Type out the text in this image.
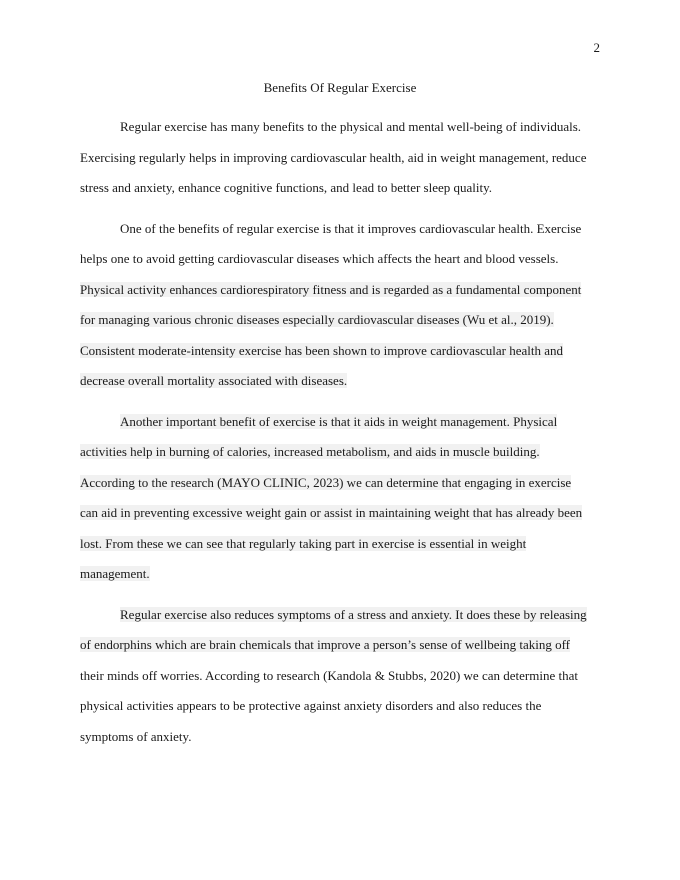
2
Benefits Of Regular Exercise

Regular exercise has many benefits to the physical and mental well-being of individuals.
Exercising regularly helps in improving cardiovascular health, aid in weight management, reduce
stress and anxiety, enhance cognitive functions, and lead to better sleep quality.

One of the benefits of regular exercise is that it improves cardiovascular health. Exercise
helps one to avoid getting cardiovascular diseases which affects the heart and blood vessels.
Physical activity enhances cardiorespiratory fitness and is regarded as a fundamental component
for managing various chronic diseases especially cardiovascular diseases (Wu et al., 2019).
Consistent moderate-intensity exercise has been shown to improve cardiovascular health and
decrease overall mortality associated with diseases.

Another important benefit of exercise is that it aids in weight management. Physical
activities help in burning of calories, increased metabolism, and aids in muscle building.
According to the research (MAYO CLINIC, 2023) we can determine that engaging in exercise
can aid in preventing excessive weight gain or assist in maintaining weight that has already been
lost. From these we can see that regularly taking part in exercise is essential in weight
management.

Regular exercise also reduces symptoms of a stress and anxiety. It does these by releasing
of endorphins which are brain chemicals that improve a person’s sense of wellbeing taking off
their minds off worries. According to research (Kandola & Stubbs, 2020) we can determine that
physical activities appears to be protective against anxiety disorders and also reduces the
symptoms of anxiety.
